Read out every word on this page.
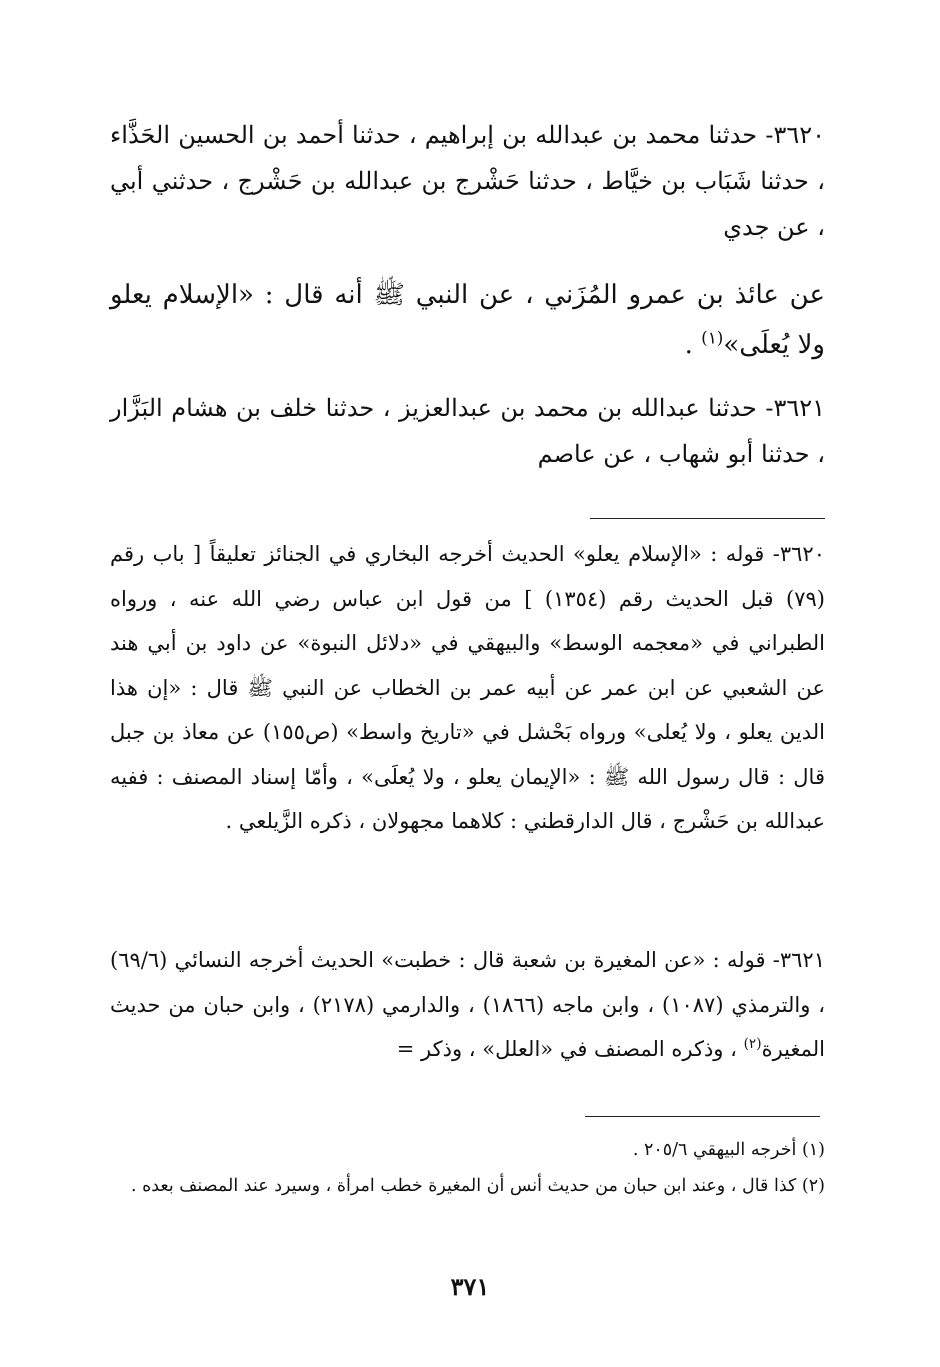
٣٦٢٠- حدثنا محمد بن عبدالله بن إبراهيم ، حدثنا أحمد بن الحسين الحَذَّاء ، حدثنا شَبَاب بن خيَّاط ، حدثنا حَشْرج بن عبدالله بن حَشْرج ، حدثني أبي ، عن جدي
عن عائذ بن عمرو المُزَني ، عن النبي ﷺ أنه قال : «الإسلام يعلو ولا يُعلَى»$^{(١)}$ .
٣٦٢١- حدثنا عبدالله بن محمد بن عبدالعزيز ، حدثنا خلف بن هشام البَزَّار ، حدثنا أبو شهاب ، عن عاصم
٣٦٢٠- قوله : «الإسلام يعلو» الحديث أخرجه البخاري في الجنائز تعليقاً [ باب رقم (٧٩) قبل الحديث رقم (١٣٥٤) ] من قول ابن عباس رضي الله عنه ، ورواه الطبراني في «معجمه الوسط» والبيهقي في «دلائل النبوة» عن داود بن أبي هند عن الشعبي عن ابن عمر عن أبيه عمر بن الخطاب عن النبي ﷺ قال : «إن هذا الدين يعلو ، ولا يُعلى» ورواه بَحْشل في «تاريخ واسط» (ص١٥٥) عن معاذ بن جبل قال : قال رسول الله ﷺ : «الإيمان يعلو ، ولا يُعلَى» ، وأمّا إسناد المصنف : ففيه عبدالله بن حَشْرج ، قال الدارقطني : كلاهما مجهولان ، ذكره الزَّيلعي .
٣٦٢١- قوله : «عن المغيرة بن شعبة قال : خطبت» الحديث أخرجه النسائي (٦٩/٦) ، والترمذي (١٠٨٧) ، وابن ماجه (١٨٦٦) ، والدارمي (٢١٧٨) ، وابن حبان من حديث المغيرة$^{(٢)}$ ، وذكره المصنف في «العلل» ، وذكر =
(١) أخرجه البيهقي ٢٠٥/٦ .
(٢) كذا قال ، وعند ابن حبان من حديث أنس أن المغيرة خطب امرأة ، وسيرد عند المصنف بعده .
٣٧١
